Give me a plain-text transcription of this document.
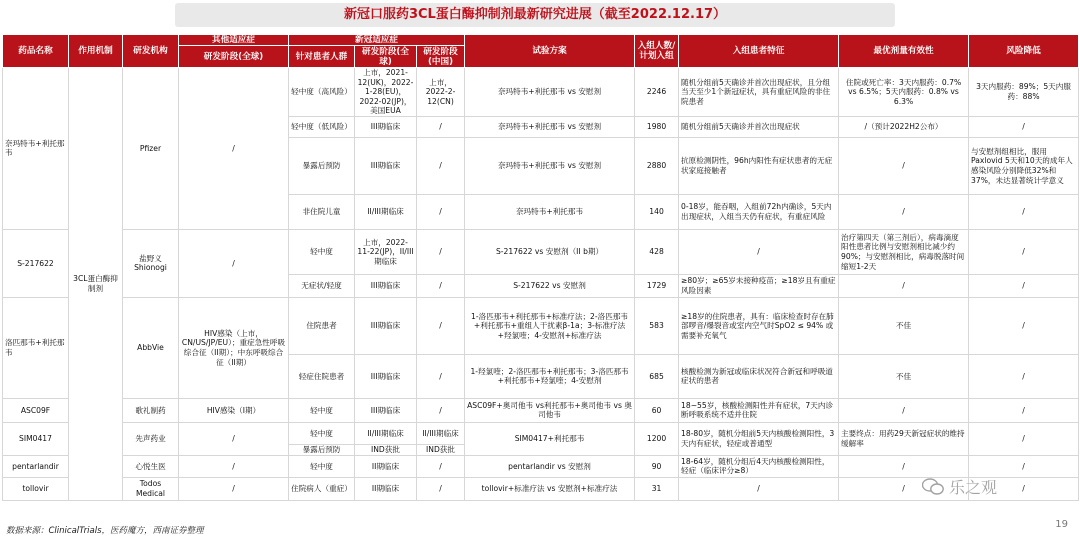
新冠口服药3CL蛋白酶抑制剂最新研究进展（截至2022.12.17）
药品名称	作用机制	研发机构	其他适应症	新冠适应症			试验方案	入组人数/计划入组	入组患者特征	最优剂量有效性	风险降低
			研发阶段(全球)	针对患者人群	研发阶段(全球)	研发阶段(中国)					
奈玛特韦+利托那韦	3CL蛋白酶抑制剂	Pfizer	/	轻中度（高风险）	上市，2021-12(UK)，2022-1-28(EU)，2022-02(JP)，美国EUA	上市，2022-2-12(CN)	奈玛特韦+利托那韦 vs 安慰剂	2246	随机分组前5天确诊并首次出现症状，且分组当天至少1个新冠症状，具有重症风险的非住院患者	住院或死亡率：3天内服药：0.7% vs 6.5%；5天内服药：0.8% vs 6.3%	3天内服药：89%；5天内服药：88%
				轻中度（低风险）	III期临床	/	奈玛特韦+利托那韦 vs 安慰剂	1980	随机分组前5天确诊并首次出现症状	/（预计2022H2公布）	/
				暴露后预防	III期临床	/	奈玛特韦+利托那韦 vs 安慰剂	2880	抗原检测阴性，96h内阳性有症状患者的无症状家庭接触者	/	与安慰剂组相比，服用Paxlovid 5天和10天的成年人感染风险分别降低32%和37%，未达显著统计学意义
				非住院儿童	II/III期临床	/	奈玛特韦+利托那韦	140	0-18岁，能吞咽，入组前72h内确诊，5天内出现症状，入组当天仍有症状，有重症风险	/	/
S-217622		盐野义 Shionogi	/	轻中度	上市，2022-11-22(JP)，II/III期临床	/	S-217622 vs 安慰剂（II b期）	428	/	治疗第四天（第三剂后），病毒滴度阳性患者比例与安慰剂相比减少约90%；与安慰剂相比，病毒脱落时间缩短1-2天	/
				无症状/轻度	III期临床	/	S-217622 vs 安慰剂	1729	≥80岁；≥65岁未接种疫苗；≥18岁且有重症风险因素	/	/
洛匹那韦+利托那韦		AbbVie	HIV感染（上市，CN/US/JP/EU）；重症急性呼吸综合征（II期）；中东呼吸综合征（II期）	住院患者	III期临床	/	1-洛匹那韦+利托那韦+标准疗法；2-洛匹那韦+利托那韦+重组人干扰素β-1a；3-标准疗法+羟氯喹；4-安慰剂+标准疗法	583	≥18岁的住院患者，具有：临床检查时存在肺部啰音/爆裂音或室内空气时SpO2 ≤ 94% 或需要补充氧气	不佳	/
				轻症住院患者	III期临床	/	1-羟氯喹；2-洛匹那韦+利托那韦；3-洛匹那韦+利托那韦+羟氯喹；4-安慰剂	685	核酸检测为新冠或临床状况符合新冠和呼吸道症状的患者	不佳	/
ASC09F		歌礼制药	HIV感染（I期）	轻中度	III期临床	/	ASC09F+奥司他韦 vs利托那韦+奥司他韦 vs 奥司他韦	60	18~55岁，核酸检测阳性并有症状，7天内诊断呼吸系统不适并住院	/	/
SIM0417		先声药业	/	轻中度	II/III期临床	II/III期临床	SIM0417+利托那韦	1200	18-80岁，随机分组前5天内核酸检测阳性，3天内有症状，轻症或普通型	主要终点：用药29天新冠症状的维持缓解率	/
				暴露后预防	IND获批	IND获批					
pentarlandir		心悦生医	/	轻中度	II期临床	/	pentarlandir vs 安慰剂	90	18-64岁，随机分组后4天内核酸检测阳性，轻症（临床评分≥8）	/	/
tollovir		Todos Medical	/	住院病人（重症）	II期临床	/	tollovir+标准疗法 vs 安慰剂+标准疗法	31	/	/	/
乐之观
数据来源：ClinicalTrials，医药魔方，西南证券整理
19
